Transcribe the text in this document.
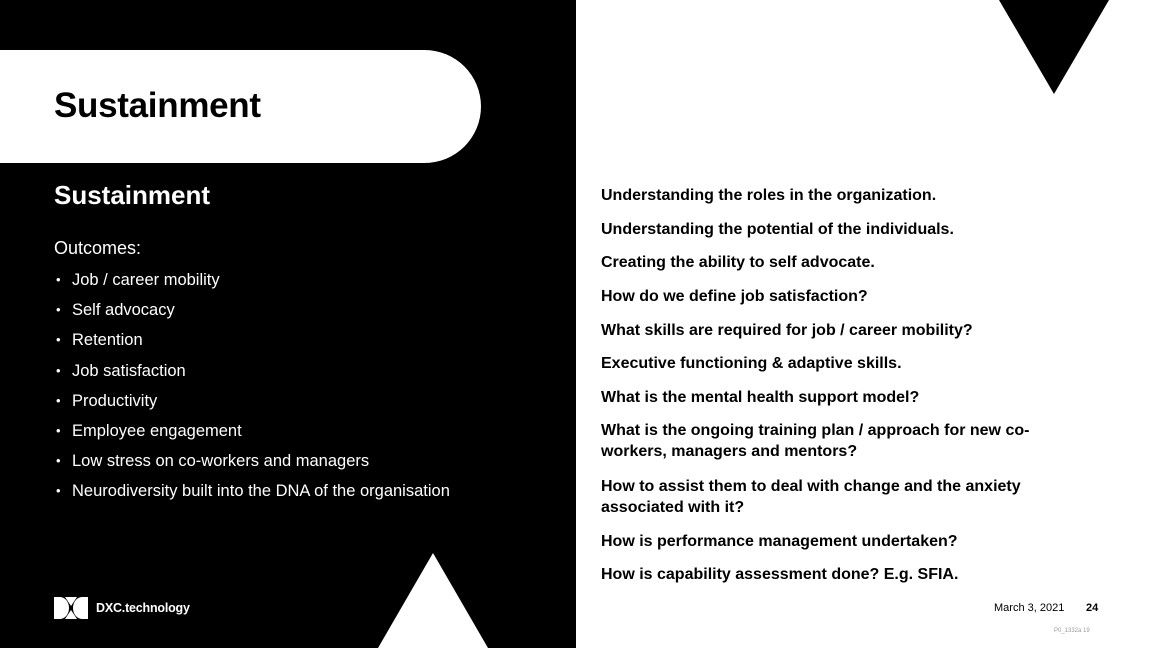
Sustainment
Sustainment
Outcomes:
• Job / career mobility
• Self advocacy
• Retention
• Job satisfaction
• Productivity
• Employee engagement
• Low stress on co-workers and managers
• Neurodiversity built into the DNA of the organisation
Understanding the roles in the organization.
Understanding the potential of the individuals.
Creating the ability to self advocate.
How do we define job satisfaction?
What skills are required for job / career mobility?
Executive functioning & adaptive skills.
What is the mental health support model?
What is the ongoing training plan / approach for new co-workers, managers and mentors?
How to assist them to deal with change and the anxiety associated with it?
How is performance management undertaken?
How is capability assessment done? E.g. SFIA.
DXC.technology	March 3, 2021 24
P0_1332a 19
